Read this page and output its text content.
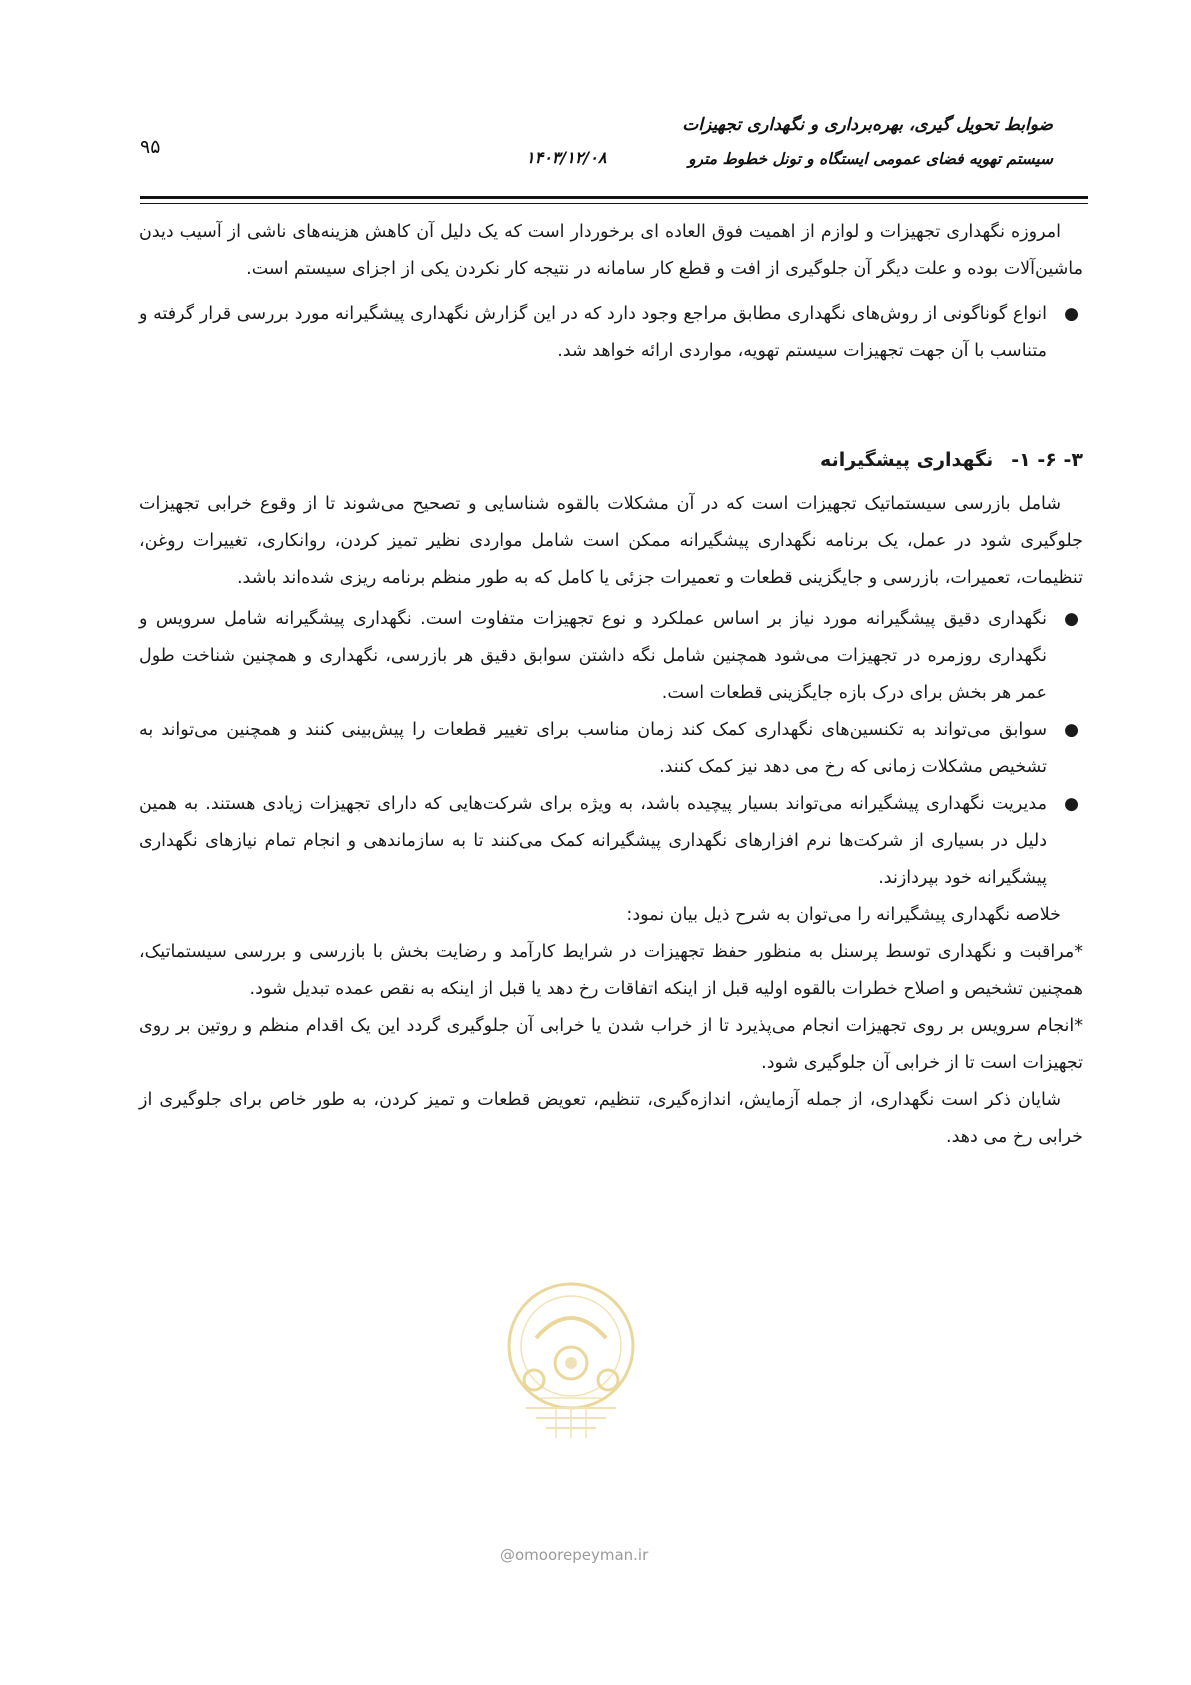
ضوابط تحویل گیری، بهره‌برداری و نگهداری تجهیزات
سیستم تهویه فضای عمومی ایستگاه و تونل خطوط مترو
۱۴۰۳/۱۲/۰۸
۹۵

امروزه نگهداری تجهیزات و لوازم از اهمیت فوق العاده ای برخوردار است که یک دلیل آن کاهش هزینه‌های ناشی از آسیب دیدن ماشین‌آلات بوده و علت دیگر آن جلوگیری از افت و قطع کار سامانه در نتیجه کار نکردن یکی از اجزای سیستم است.

●
انواع گوناگونی از روش‌های نگهداری مطابق مراجع وجود دارد که در این گزارش نگهداری پیشگیرانه مورد بررسی قرار گرفته و متناسب با آن جهت تجهیزات سیستم تهویه، مواردی ارائه خواهد شد.
۳- ۶- ۱-نگهداری پیشگیرانه

شامل بازرسی سیستماتیک تجهیزات است که در آن مشکلات بالقوه شناسایی و تصحیح می‌شوند تا از وقوع خرابی تجهیزات جلوگیری شود در عمل، یک برنامه نگهداری پیشگیرانه ممکن است شامل مواردی نظیر تمیز کردن، روانکاری، تغییرات روغن، تنظیمات، تعمیرات، بازرسی و جایگزینی قطعات و تعمیرات جزئی یا کامل که به طور منظم برنامه ریزی شده‌اند باشد.

●
نگهداری دقیق پیشگیرانه مورد نیاز بر اساس عملکرد و نوع تجهیزات متفاوت است. نگهداری پیشگیرانه شامل سرویس و نگهداری روزمره در تجهیزات می‌شود همچنین شامل نگه داشتن سوابق دقیق هر بازرسی، نگهداری و همچنین شناخت طول عمر هر بخش برای درک بازه جایگزینی قطعات است.
●
سوابق می‌تواند به تکنسین‌های نگهداری کمک کند زمان مناسب برای تغییر قطعات را پیش‌بینی کنند و همچنین می‌تواند به تشخیص مشکلات زمانی که رخ می دهد نیز کمک کنند.
●
مدیریت نگهداری پیشگیرانه می‌تواند بسیار پیچیده باشد، به ویژه برای شرکت‌هایی که دارای تجهیزات زیادی هستند. به همین دلیل در بسیاری از شرکت‌ها نرم افزارهای نگهداری پیشگیرانه کمک می‌کنند تا به سازماندهی و انجام تمام نیازهای نگهداری پیشگیرانه خود بپردازند.

خلاصه نگهداری پیشگیرانه را می‌توان به شرح ذیل بیان نمود:

*مراقبت و نگهداری توسط پرسنل به منظور حفظ تجهیزات در شرایط کارآمد و رضایت بخش با بازرسی و بررسی سیستماتیک، همچنین تشخیص و اصلاح خطرات بالقوه اولیه قبل از اینکه اتفاقات رخ دهد یا قبل از اینکه به نقص عمده تبدیل شود.

*انجام سرویس بر روی تجهیزات انجام می‌پذیرد تا از خراب شدن یا خرابی آن جلوگیری گردد این یک اقدام منظم و روتین بر روی تجهیزات است تا از خرابی آن جلوگیری شود.

شایان ذکر است نگهداری، از جمله آزمایش، اندازه‌گیری، تنظیم، تعویض قطعات و تمیز کردن، به طور خاص برای جلوگیری از خرابی رخ می دهد.

@omoorepeyman.ir
